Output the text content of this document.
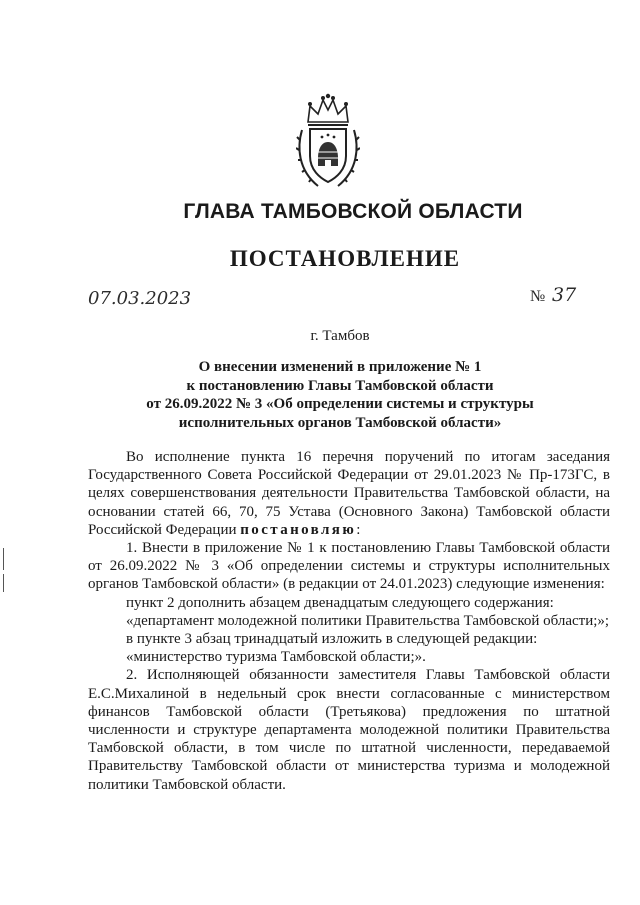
ГЛАВА ТАМБОВСКОЙ ОБЛАСТИ
ПОСТАНОВЛЕНИЕ
07.03.2023	№ 37
г. Тамбов
О внесении изменений в приложение № 1
к постановлению Главы Тамбовской области
от 26.09.2022 № 3 «Об определении системы и структуры
исполнительных органов Тамбовской области»

Во исполнение пункта 16 перечня поручений по итогам заседания Государственного Совета Российской Федерации от 29.01.2023 № Пр-173ГС, в целях совершенствования деятельности Правительства Тамбовской области, на основании статей 66, 70, 75 Устава (Основного Закона) Тамбовской области Российской Федерации постановляю:

1. Внести в приложение № 1 к постановлению Главы Тамбовской области от 26.09.2022 № 3 «Об определении системы и структуры исполнительных органов Тамбовской области» (в редакции от 24.01.2023) следующие изменения:

пункт 2 дополнить абзацем двенадцатым следующего содержания:

«департамент молодежной политики Правительства Тамбовской области;»;

в пункте 3 абзац тринадцатый изложить в следующей редакции:

«министерство туризма Тамбовской области;».

2. Исполняющей обязанности заместителя Главы Тамбовской области Е.С.Михалиной в недельный срок внести согласованные с министерством финансов Тамбовской области (Третьякова) предложения по штатной численности и структуре департамента молодежной политики Правительства Тамбовской области, в том числе по штатной численности, передаваемой Правительству Тамбовской области от министерства туризма и молодежной политики Тамбовской области.
